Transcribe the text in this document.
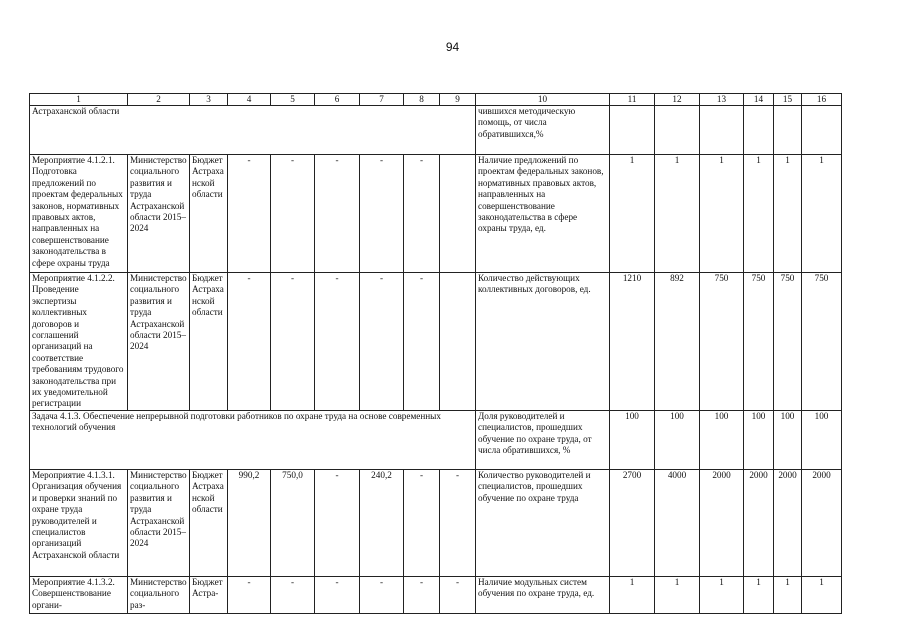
94
1	2	3	4	5	6	7	8	9	10	11	12	13	14	15	16
Астраханской области									чившихся методическую помощь, от числа обратившихся,%						
Мероприятие 4.1.2.1. Подготовка предложений по проектам федеральных законов, нормативных правовых актов, направленных на совершенствование законодательства в сфере охраны труда	Министерство социального развития и труда Астраханской области 2015–2024	Бюджет Астраханской области	-	-	-	-	-		Наличие предложений по проектам федеральных законов, нормативных правовых актов, направленных на совершенствование законодательства в сфере охраны труда, ед.	1	1	1	1	1	1
Мероприятие 4.1.2.2. Проведение экспертизы коллективных договоров и соглашений организаций на соответствие требованиям трудового законодательства при их уведомительной регистрации	Министерство социального развития и труда Астраханской области 2015–2024	Бюджет Астраханской области	-	-	-	-	-		Количество действующих коллективных договоров, ед.	1210	892	750	750	750	750
Задача 4.1.3. Обеспечение непрерывной подготовки работников по охране труда на основе современных технологий обучения									Доля руководителей и специалистов, прошедших обучение по охране труда, от числа обратившихся, %	100	100	100	100	100	100
Мероприятие 4.1.3.1. Организация обучения и проверки знаний по охране труда руководителей и специалистов организаций Астраханской области	Министерство социального развития и труда Астраханской области 2015–2024	Бюджет Астраханской области	990,2	750,0	-	240,2	-	-	Количество руководителей и специалистов, прошедших обучение по охране труда	2700	4000	2000	2000	2000	2000
Мероприятие 4.1.3.2. Совершенствование органи-	Министерство социального раз-	Бюджет Астра-	-	-	-	-	-	-	Наличие модульных систем обучения по охране труда, ед.	1	1	1	1	1	1
